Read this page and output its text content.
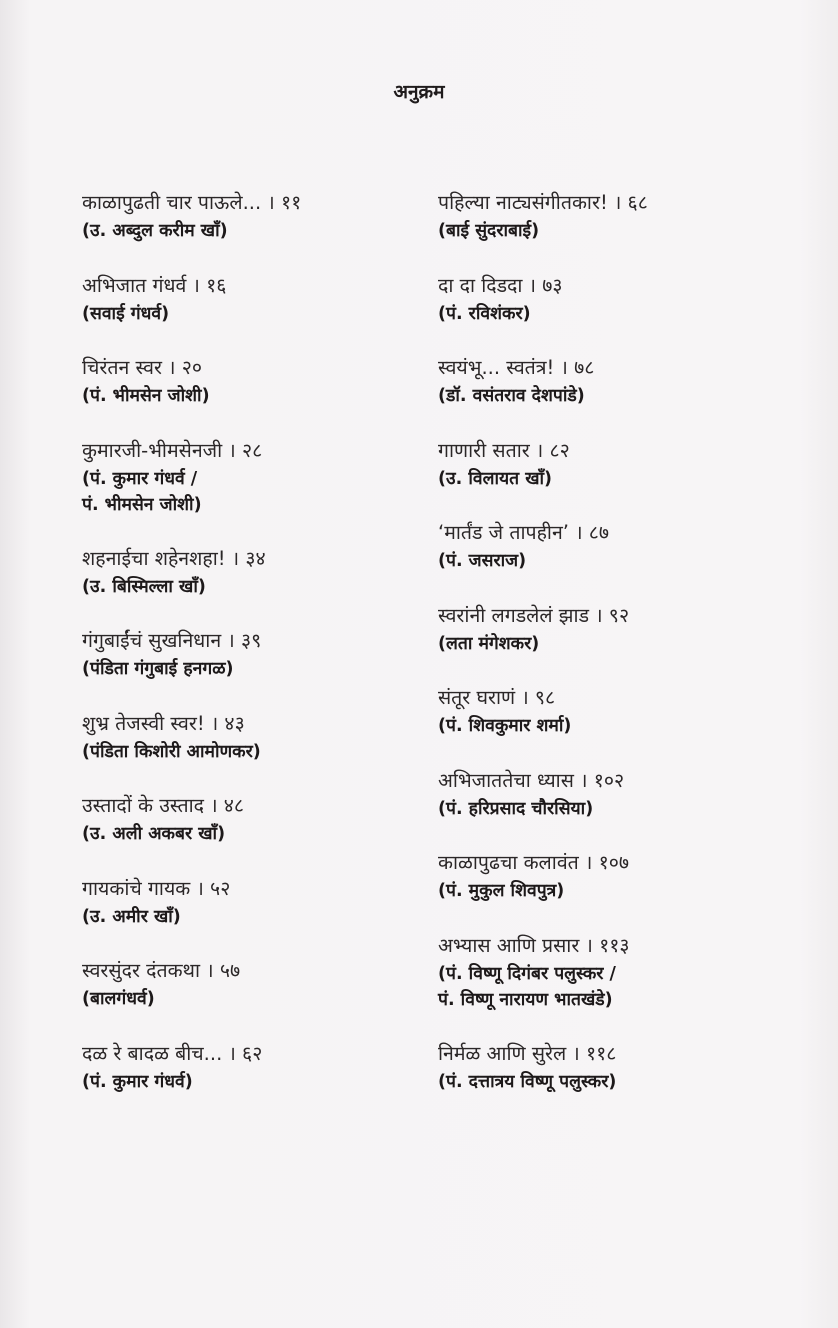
अनुक्रम
काळापुढती चार पाऊले... । ११
(उ. अब्दुल करीम खाँ)
अभिजात गंधर्व । १६
(सवाई गंधर्व)
चिरंतन स्वर । २०
(पं. भीमसेन जोशी)
कुमारजी-भीमसेनजी । २८
(पं. कुमार गंधर्व /
पं. भीमसेन जोशी)
शहनाईचा शहेनशहा! । ३४
(उ. बिस्मिल्ला खाँ)
गंगुबाईंचं सुखनिधान । ३९
(पंडिता गंगुबाई हनगळ)
शुभ्र तेजस्वी स्वर! । ४३
(पंडिता किशोरी आमोणकर)
उस्तादों के उस्ताद । ४८
(उ. अली अकबर खाँ)
गायकांचे गायक । ५२
(उ. अमीर खाँ)
स्वरसुंदर दंतकथा । ५७
(बालगंधर्व)
दळ रे बादळ बीच... । ६२
(पं. कुमार गंधर्व)
पहिल्या नाट्यसंगीतकार! । ६८
(बाई सुंदराबाई)
दा दा दिडदा । ७३
(पं. रविशंकर)
स्वयंभू... स्वतंत्र! । ७८
(डॉ. वसंतराव देशपांडे)
गाणारी सतार । ८२
(उ. विलायत खाँ)
‘मार्तंड जे तापहीन’ । ८७
(पं. जसराज)
स्वरांनी लगडलेलं झाड । ९२
(लता मंगेशकर)
संतूर घराणं । ९८
(पं. शिवकुमार शर्मा)
अभिजाततेचा ध्यास । १०२
(पं. हरिप्रसाद चौरसिया)
काळापुढचा कलावंत । १०७
(पं. मुकुल शिवपुत्र)
अभ्यास आणि प्रसार । ११३
(पं. विष्णू दिगंबर पलुस्कर /
पं. विष्णू नारायण भातखंडे)
निर्मळ आणि सुरेल । ११८
(पं. दत्तात्रय विष्णू पलुस्कर)
